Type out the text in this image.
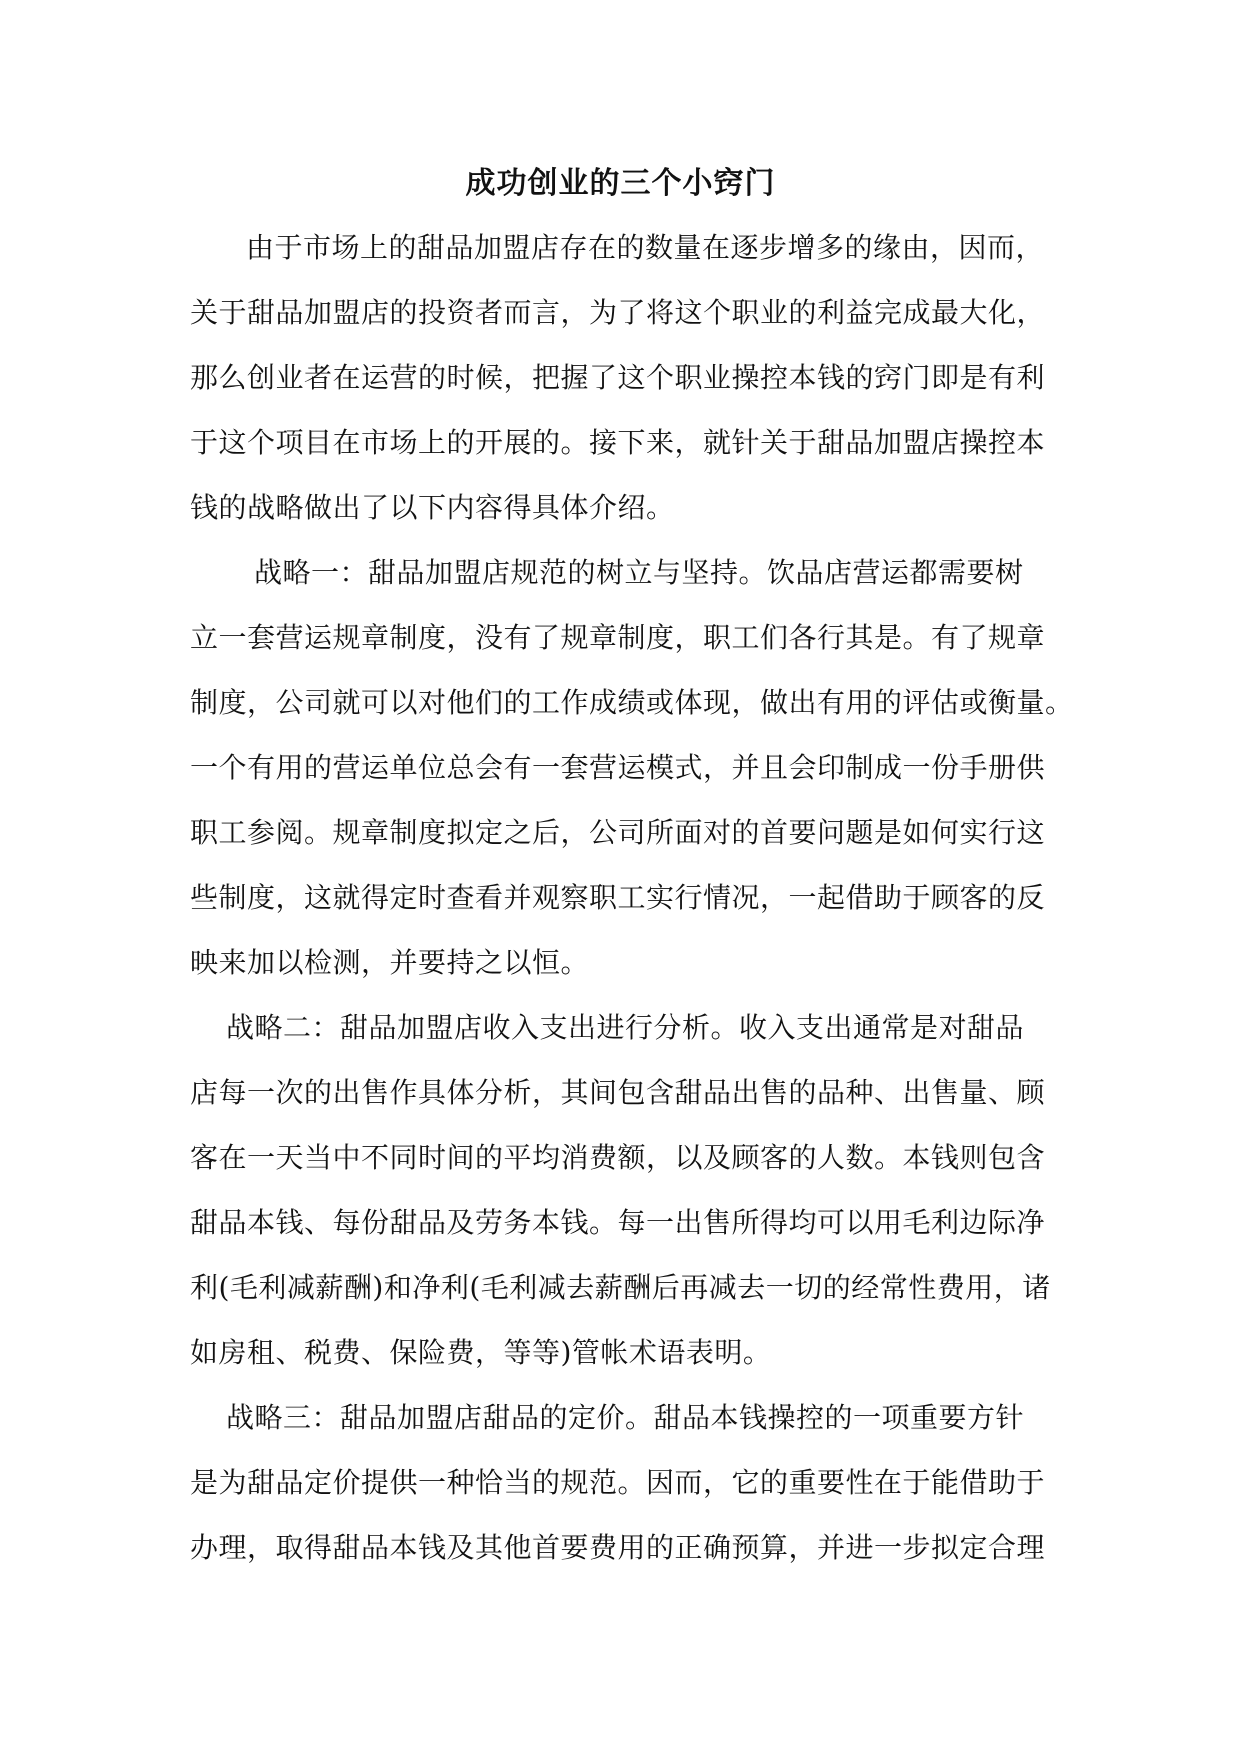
成功创业的三个小窍门
由于市场上的甜品加盟店存在的数量在逐步增多的缘由，因而，
关于甜品加盟店的投资者而言，为了将这个职业的利益完成最大化，
那么创业者在运营的时候，把握了这个职业操控本钱的窍门即是有利
于这个项目在市场上的开展的。接下来，就针关于甜品加盟店操控本
钱的战略做出了以下内容得具体介绍。
战略一：甜品加盟店规范的树立与坚持。饮品店营运都需要树
立一套营运规章制度，没有了规章制度，职工们各行其是。有了规章
制度，公司就可以对他们的工作成绩或体现，做出有用的评估或衡量。
一个有用的营运单位总会有一套营运模式，并且会印制成一份手册供
职工参阅。规章制度拟定之后，公司所面对的首要问题是如何实行这
些制度，这就得定时查看并观察职工实行情况，一起借助于顾客的反
映来加以检测，并要持之以恒。
战略二：甜品加盟店收入支出进行分析。收入支出通常是对甜品
店每一次的出售作具体分析，其间包含甜品出售的品种、出售量、顾
客在一天当中不同时间的平均消费额，以及顾客的人数。本钱则包含
甜品本钱、每份甜品及劳务本钱。每一出售所得均可以用毛利边际净
利(毛利减薪酬)和净利(毛利减去薪酬后再减去一切的经常性费用，诸
如房租、税费、保险费，等等)管帐术语表明。
战略三：甜品加盟店甜品的定价。甜品本钱操控的一项重要方针
是为甜品定价提供一种恰当的规范。因而，它的重要性在于能借助于
办理，取得甜品本钱及其他首要费用的正确预算，并进一步拟定合理
